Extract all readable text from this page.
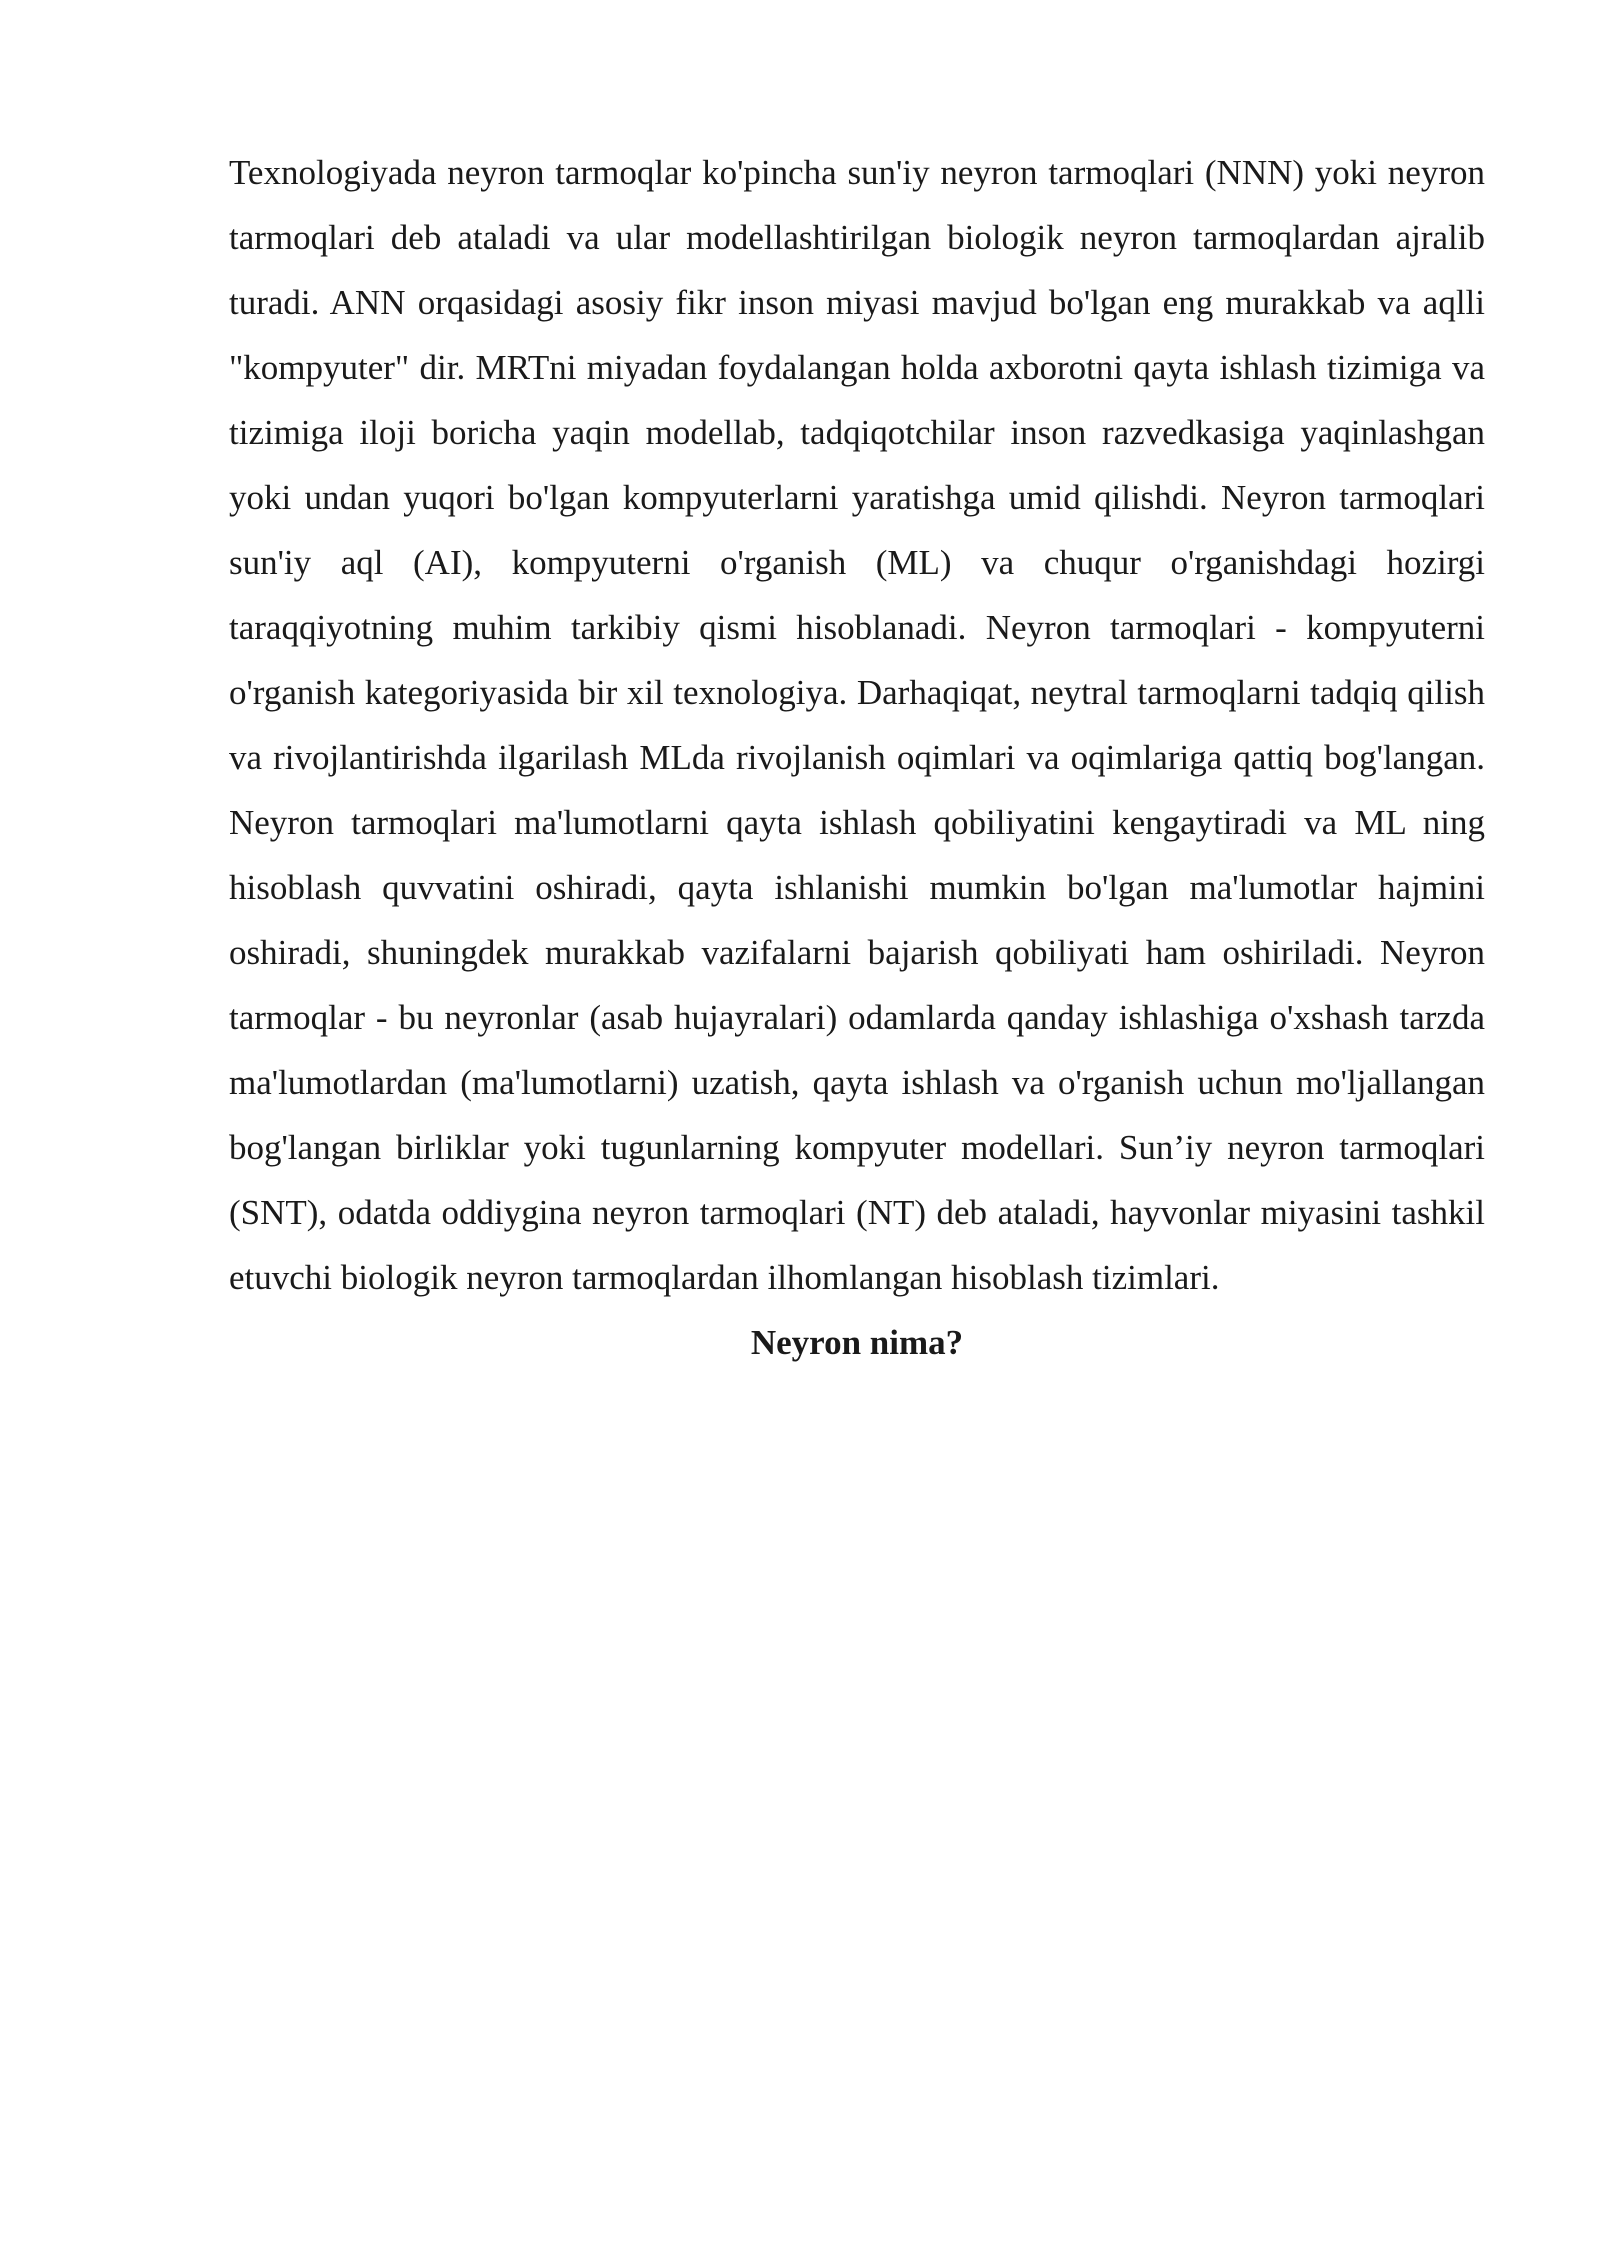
Texnologiyada neyron tarmoqlar ko'pincha sun'iy neyron tarmoqlari (NNN) yoki neyron tarmoqlari deb ataladi va ular modellashtirilgan biologik neyron tarmoqlardan ajralib turadi. ANN orqasidagi asosiy fikr inson miyasi mavjud bo'lgan eng murakkab va aqlli "kompyuter" dir. MRTni miyadan foydalangan holda axborotni qayta ishlash tizimiga va tizimiga iloji boricha yaqin modellab, tadqiqotchilar inson razvedkasiga yaqinlashgan yoki undan yuqori bo'lgan kompyuterlarni yaratishga umid qilishdi. Neyron tarmoqlari sun'iy aql (AI), kompyuterni o'rganish (ML) va chuqur o'rganishdagi hozirgi taraqqiyotning muhim tarkibiy qismi hisoblanadi. Neyron tarmoqlari - kompyuterni o'rganish kategoriyasida bir xil texnologiya. Darhaqiqat, neytral tarmoqlarni tadqiq qilish va rivojlantirishda ilgarilash MLda rivojlanish oqimlari va oqimlariga qattiq bog'langan. Neyron tarmoqlari ma'lumotlarni qayta ishlash qobiliyatini kengaytiradi va ML ning hisoblash quvvatini oshiradi, qayta ishlanishi mumkin bo'lgan ma'lumotlar hajmini oshiradi, shuningdek murakkab vazifalarni bajarish qobiliyati ham oshiriladi. Neyron tarmoqlar - bu neyronlar (asab hujayralari) odamlarda qanday ishlashiga o'xshash tarzda ma'lumotlardan (ma'lumotlarni) uzatish, qayta ishlash va o'rganish uchun mo'ljallangan bog'langan birliklar yoki tugunlarning kompyuter modellari. Sun’iy neyron tarmoqlari (SNT), odatda oddiygina neyron tarmoqlari (NT) deb ataladi, hayvonlar miyasini tashkil etuvchi biologik neyron tarmoqlardan ilhomlangan hisoblash tizimlari.

Neyron nima?
